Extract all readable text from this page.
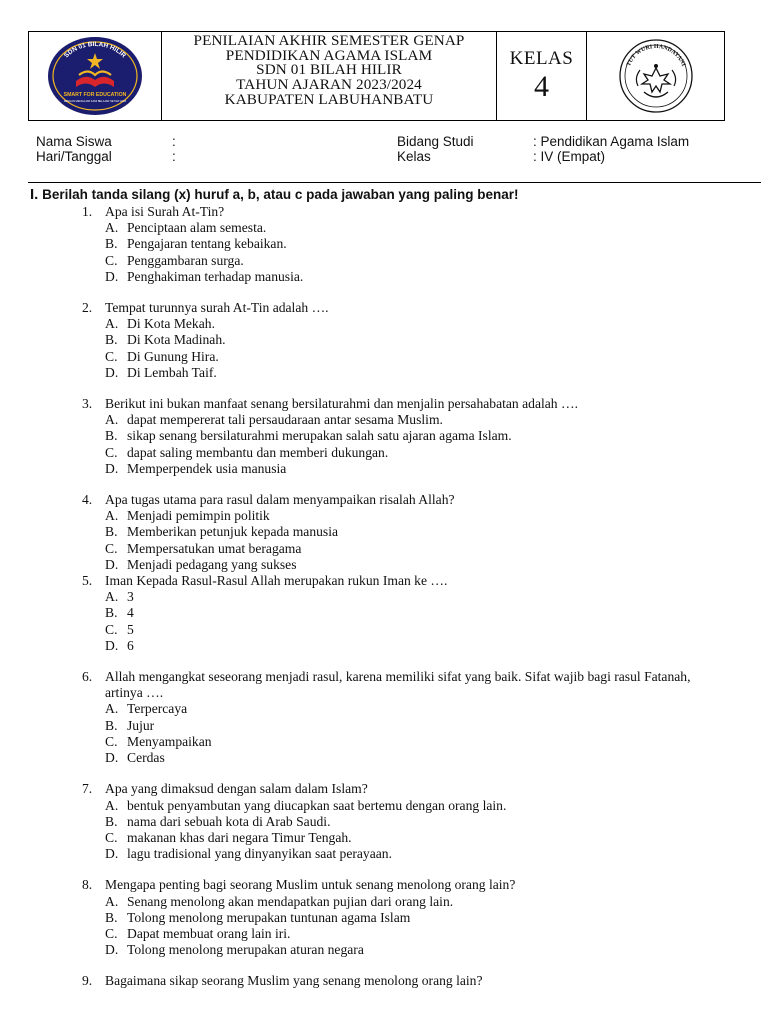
SDN 01 BILAH HILIR
SMART FOR EDUCATION
DENGAN MENGAJAR KAMI BELAJAR SETIAP HARI
PENILAIAN AKHIR SEMESTER GENAP
PENDIDIKAN AGAMA ISLAM
SDN 01 BILAH HILIR
TAHUN AJARAN 2023/2024
KABUPATEN LABUHANBATU
KELAS
4
TUT WURI HANDAYANI
Nama Siswa	:
Hari/Tanggal	:
Bidang Studi	: Pendidikan Agama Islam
Kelas	: IV (Empat)
I. Berilah tanda silang (x) huruf a, b, atau c pada jawaban yang paling benar!
1. Apa isi Surah At-Tin?
A. Penciptaan alam semesta.
B. Pengajaran tentang kebaikan.
C. Penggambaran surga.
D. Penghakiman terhadap manusia.
2. Tempat turunnya surah At-Tin adalah ….
A. Di Kota Mekah.
B. Di Kota Madinah.
C. Di Gunung Hira.
D. Di Lembah Taif.
3. Berikut ini bukan manfaat senang bersilaturahmi dan menjalin persahabatan adalah ….
A. dapat mempererat tali persaudaraan antar sesama Muslim.
B. sikap senang bersilaturahmi merupakan salah satu ajaran agama Islam.
C. dapat saling membantu dan memberi dukungan.
D. Memperpendek usia manusia
4. Apa tugas utama para rasul dalam menyampaikan risalah Allah?
A. Menjadi pemimpin politik
B. Memberikan petunjuk kepada manusia
C. Mempersatukan umat beragama
D. Menjadi pedagang yang sukses
5. Iman Kepada Rasul-Rasul Allah merupakan rukun Iman ke ….
A. 3
B. 4
C. 5
D. 6
6. Allah mengangkat seseorang menjadi rasul, karena memiliki sifat yang baik. Sifat wajib bagi rasul Fatanah, artinya ….
A. Terpercaya
B. Jujur
C. Menyampaikan
D. Cerdas
7. Apa yang dimaksud dengan salam dalam Islam?
A. bentuk penyambutan yang diucapkan saat bertemu dengan orang lain.
B. nama dari sebuah kota di Arab Saudi.
C. makanan khas dari negara Timur Tengah.
D. lagu tradisional yang dinyanyikan saat perayaan.
8. Mengapa penting bagi seorang Muslim untuk senang menolong orang lain?
A. Senang menolong akan mendapatkan pujian dari orang lain.
B. Tolong menolong merupakan tuntunan agama Islam
C. Dapat membuat orang lain iri.
D. Tolong menolong merupakan aturan negara
9. Bagaimana sikap seorang Muslim yang senang menolong orang lain?
